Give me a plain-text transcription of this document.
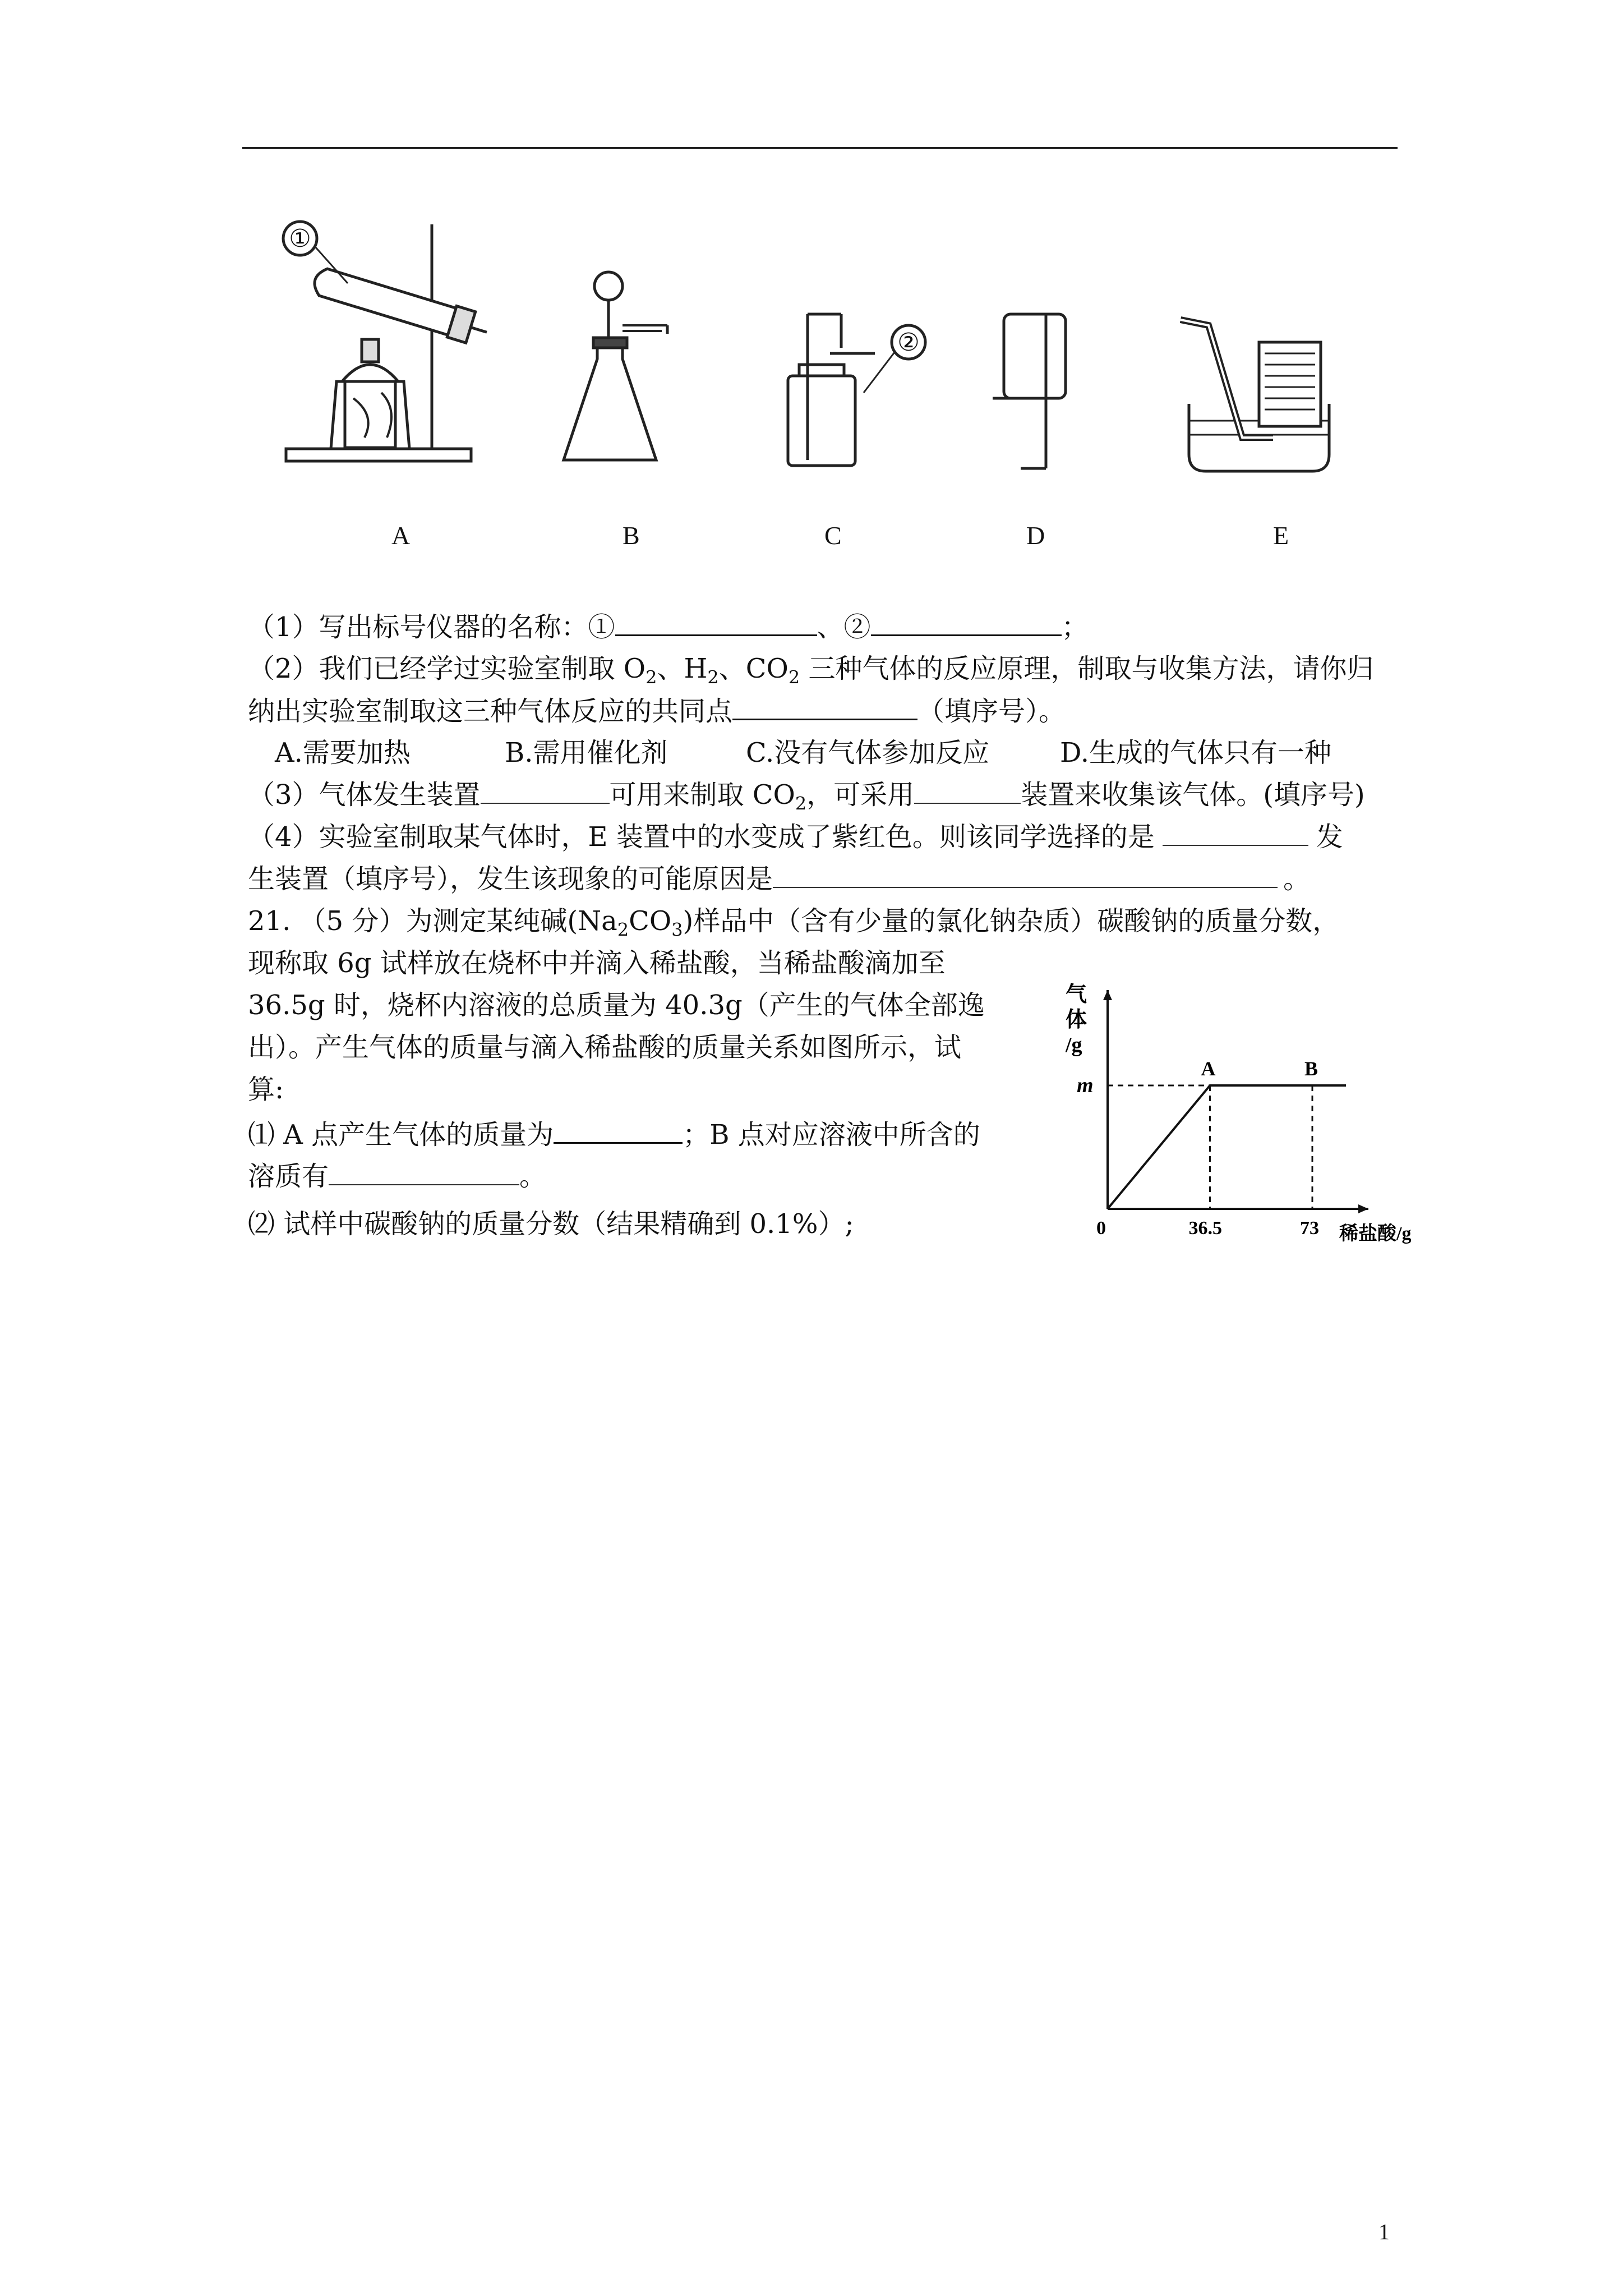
①
②
A	B	C	D	E
（1）写出标号仪器的名称：①	、②	；
（2）我们已经学过实验室制取 $O_2$、$H_2$、$CO_2$ 三种气体的反应原理，制取与收集方法，请你归
纳出实验室制取这三种气体反应的共同点	（填序号）。
A.需要加热	B.需用催化剂	C.没有气体参加反应	D.生成的气体只有一种
（3）气体发生装置	可用来制取 $CO_2$，可采用	装置来收集该气体。(填序号)
（4）实验室制取某气体时，E 装置中的水变成了紫红色。则该同学选择的是	发
生装置（填序号），发生该现象的可能原因是	。
21. （5 分）为测定某纯碱$(Na_2CO_3)$样品中（含有少量的氯化钠杂质）碳酸钠的质量分数，
现称取 6g 试样放在烧杯中并滴入稀盐酸，当稀盐酸滴加至
36.5g 时，烧杯内溶液的总质量为 40.3g（产生的气体全部逸
出）。产生气体的质量与滴入稀盐酸的质量关系如图所示，试
算:
⑴ A 点产生气体的质量为	；B 点对应溶液中所含的
溶质有	。
⑵ 试样中碳酸钠的质量分数（结果精确到 0.1%）;
气
体
/g
m
A	B
0	36.5	73 稀盐酸/g
1
